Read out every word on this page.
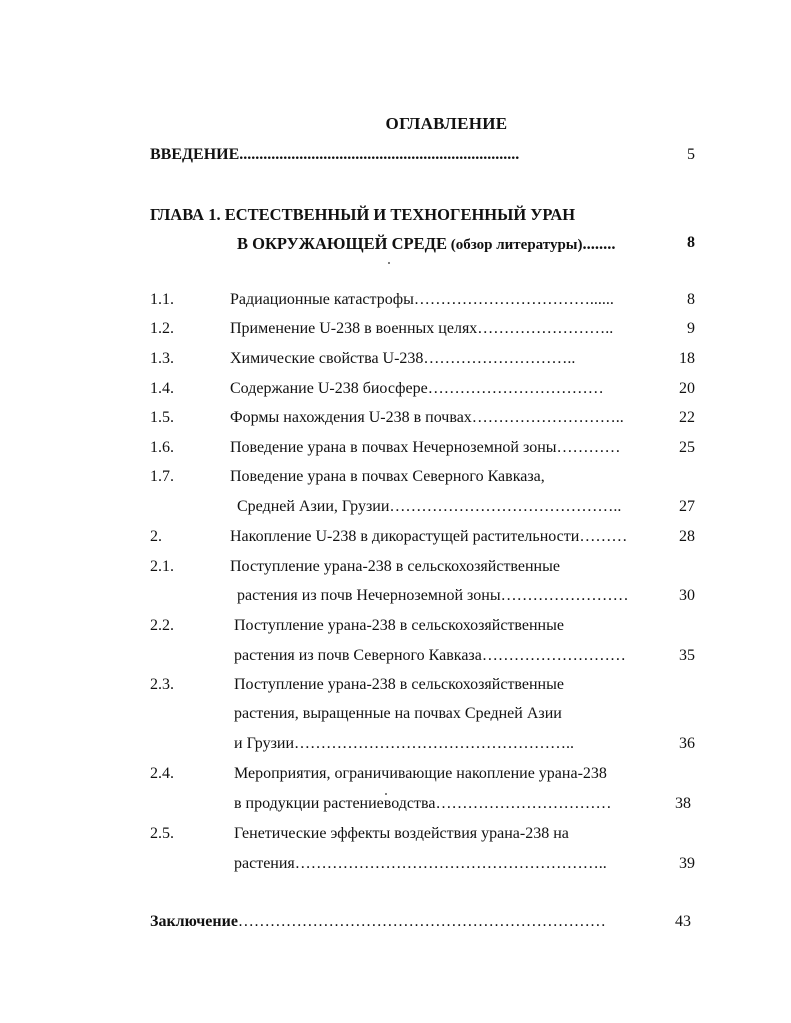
ОГЛАВЛЕНИЕ
ВВЕДЕНИЕ......................................................................	5
ГЛАВА 1. ЕСТЕСТВЕННЫЙ И ТЕХНОГЕННЫЙ УРАН
В ОКРУЖАЮЩЕЙ СРЕДЕ (обзор литературы)........	8
1.1.	Радиационные катастрофы……………………………......	8
1.2.	Применение U-238 в военных целях……………………..	9
1.3.	Химические свойства U-238………………………..	18
1.4.	Содержание U-238 биосфере……………………………	20
1.5.	Формы нахождения U-238 в почвах………………………..	22
1.6.	Поведение урана в почвах Нечерноземной зоны…………	25
1.7.	Поведение урана в почвах Северного Кавказа,
Средней Азии, Грузии……………………………………..	27
2.	Накопление U-238 в дикорастущей растительности………	28
2.1.	Поступление урана-238 в сельскохозяйственные
растения из почв Нечерноземной зоны……………………	30
2.2.	Поступление урана-238 в сельскохозяйственные
растения из почв Северного Кавказа………………………	35
2.3.	Поступление урана-238 в сельскохозяйственные
растения, выращенные на почвах Средней Азии
и Грузии……………………………………………..	36
2.4.	Мероприятия, ограничивающие накопление урана-238
в продукции растениеводства……………………………	38
2.5.	Генетические эффекты воздействия урана-238 на
растения…………………………………………………..	39
Заключение……………………………………………………………	43
